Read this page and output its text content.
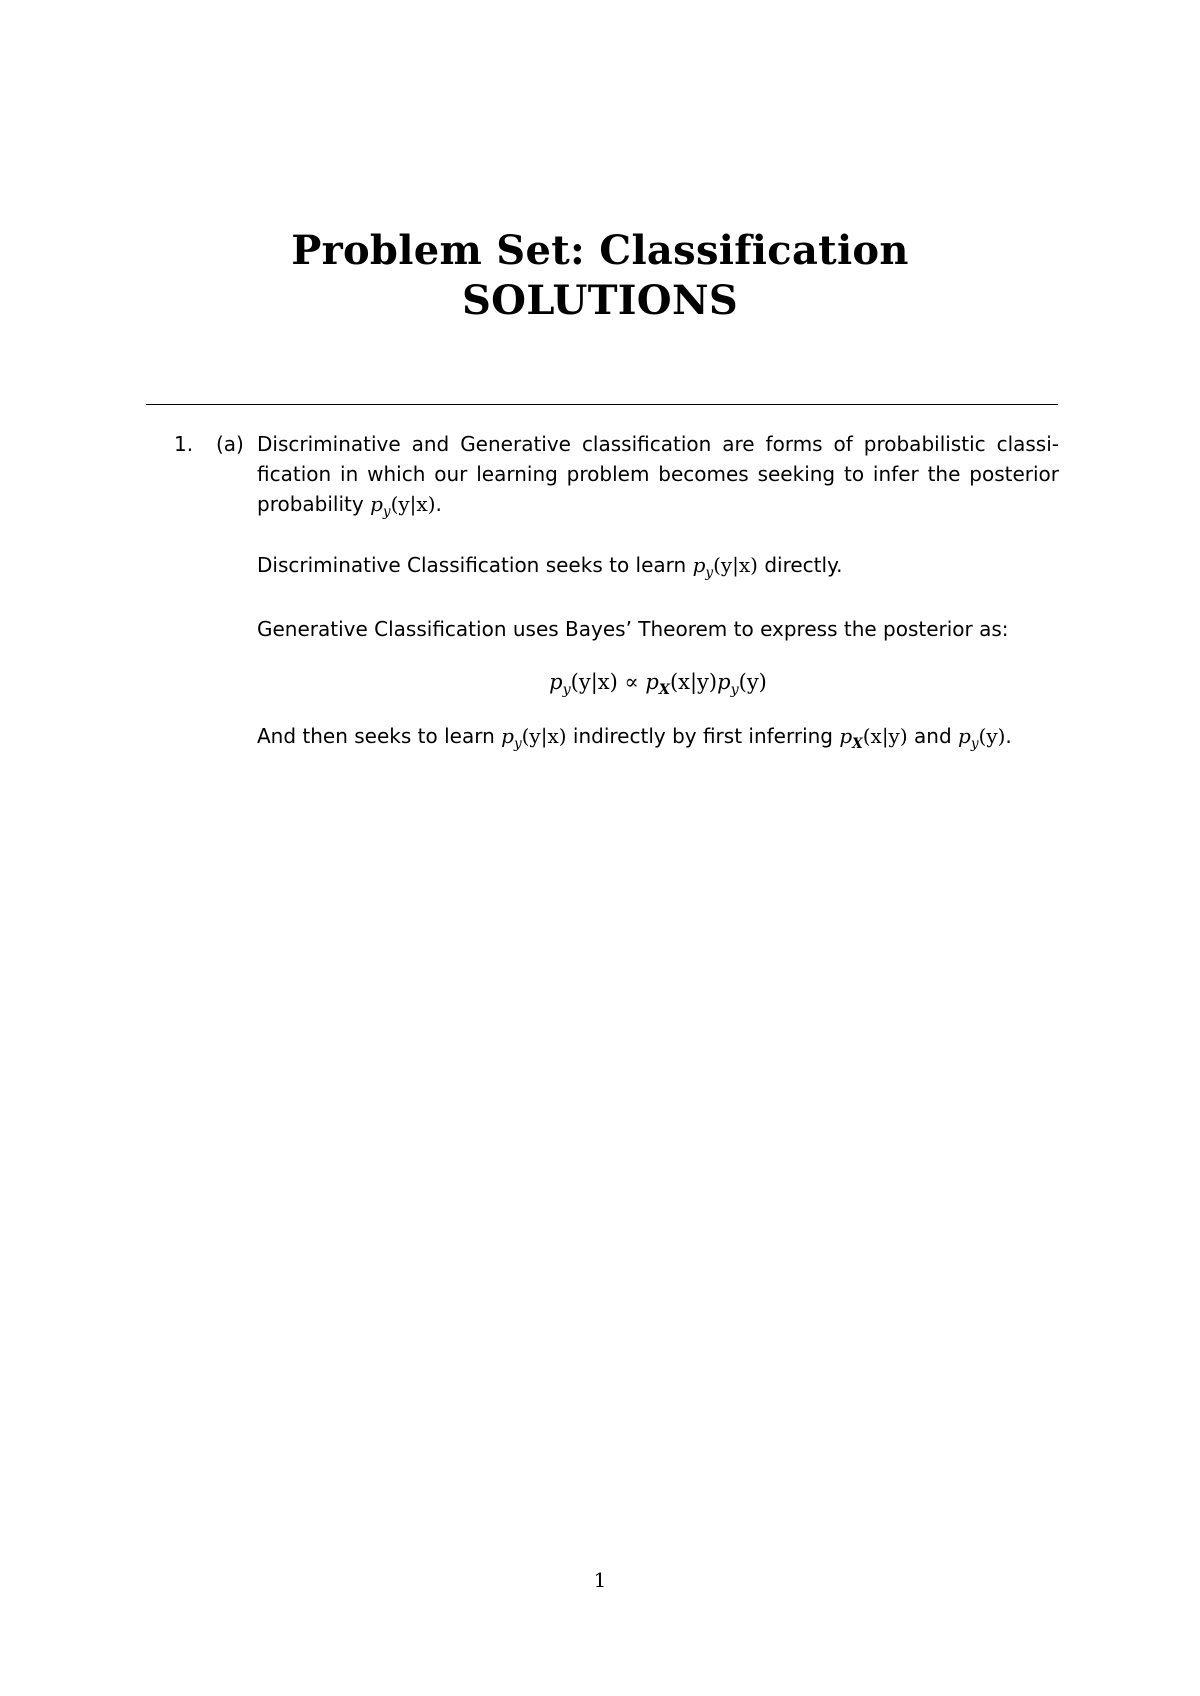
Problem Set: Classification
SOLUTIONS
1. (a) Discriminative and Generative classification are forms of probabilistic classi-fication in which our learning problem becomes seeking to infer the posterior probability $p_y(y|x)$.
Discriminative Classification seeks to learn $p_y(y|x)$ directly.
Generative Classification uses Bayes’ Theorem to express the posterior as:
$p_y(y|x) \propto p_X(x|y)p_y(y)$
And then seeks to learn $p_y(y|x)$ indirectly by first inferring $p_X(x|y)$ and $p_y(y)$.
1
